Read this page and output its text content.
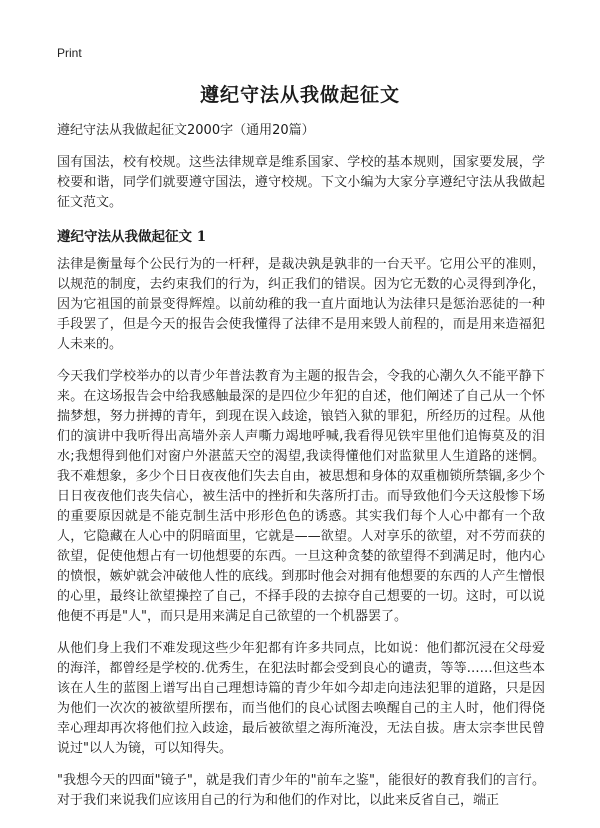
Print
遵纪守法从我做起征文

遵纪守法从我做起征文2000字（通用20篇）

国有国法，校有校规。这些法律规章是维系国家、学校的基本规则，国家要发展，学校要和谐，同学们就要遵守国法，遵守校规。下文小编为大家分享遵纪守法从我做起征文范文。

遵纪守法从我做起征文 1

法律是衡量每个公民行为的一杆秤，是裁决孰是孰非的一台天平。它用公平的准则，以规范的制度，去约束我们的行为，纠正我们的错误。因为它无数的心灵得到净化，因为它祖国的前景变得辉煌。以前幼稚的我一直片面地认为法律只是惩治恶徒的一种手段罢了，但是今天的报告会使我懂得了法律不是用来毁人前程的，而是用来造福犯人未来的。

今天我们学校举办的以青少年普法教育为主题的报告会，令我的心潮久久不能平静下来。在这场报告会中给我感触最深的是四位少年犯的自述，他们阐述了自己从一个怀揣梦想，努力拼搏的青年，到现在误入歧途，锒铛入狱的罪犯，所经历的过程。从他们的演讲中我听得出高墙外亲人声嘶力竭地呼喊,我看得见铁牢里他们追悔莫及的泪水;我想得到他们对窗户外湛蓝天空的渴望,我读得懂他们对监狱里人生道路的迷惘。我不难想象，多少个日日夜夜他们失去自由，被思想和身体的双重枷锁所禁锢,多少个日日夜夜他们丧失信心，被生活中的挫折和失落所打击。而导致他们今天这般惨下场的重要原因就是不能克制生活中形形色色的诱惑。其实我们每个人心中都有一个敌人，它隐藏在人心中的阴暗面里，它就是——欲望。人对享乐的欲望，对不劳而获的欲望，促使他想占有一切他想要的东西。一旦这种贪婪的欲望得不到满足时，他内心的愤恨，嫉妒就会冲破他人性的底线。到那时他会对拥有他想要的东西的人产生憎恨的心里，最终让欲望操控了自己，不择手段的去掠夺自己想要的一切。这时，可以说他便不再是"人"，而只是用来满足自己欲望的一个机器罢了。

从他们身上我们不难发现这些少年犯都有许多共同点，比如说：他们都沉浸在父母爱的海洋，都曾经是学校的.优秀生，在犯法时都会受到良心的谴责，等等……但这些本该在人生的蓝图上谱写出自己理想诗篇的青少年如今却走向违法犯罪的道路，只是因为他们一次次的被欲望所摆布，而当他们的良心试图去唤醒自己的主人时，他们得侥幸心理却再次将他们拉入歧途，最后被欲望之海所淹没，无法自拔。唐太宗李世民曾说过"以人为镜，可以知得失。

"我想今天的四面"镜子"，就是我们青少年的"前车之鉴"，能很好的教育我们的言行。对于我们来说我们应该用自己的行为和他们的作对比，以此来反省自己，端正
